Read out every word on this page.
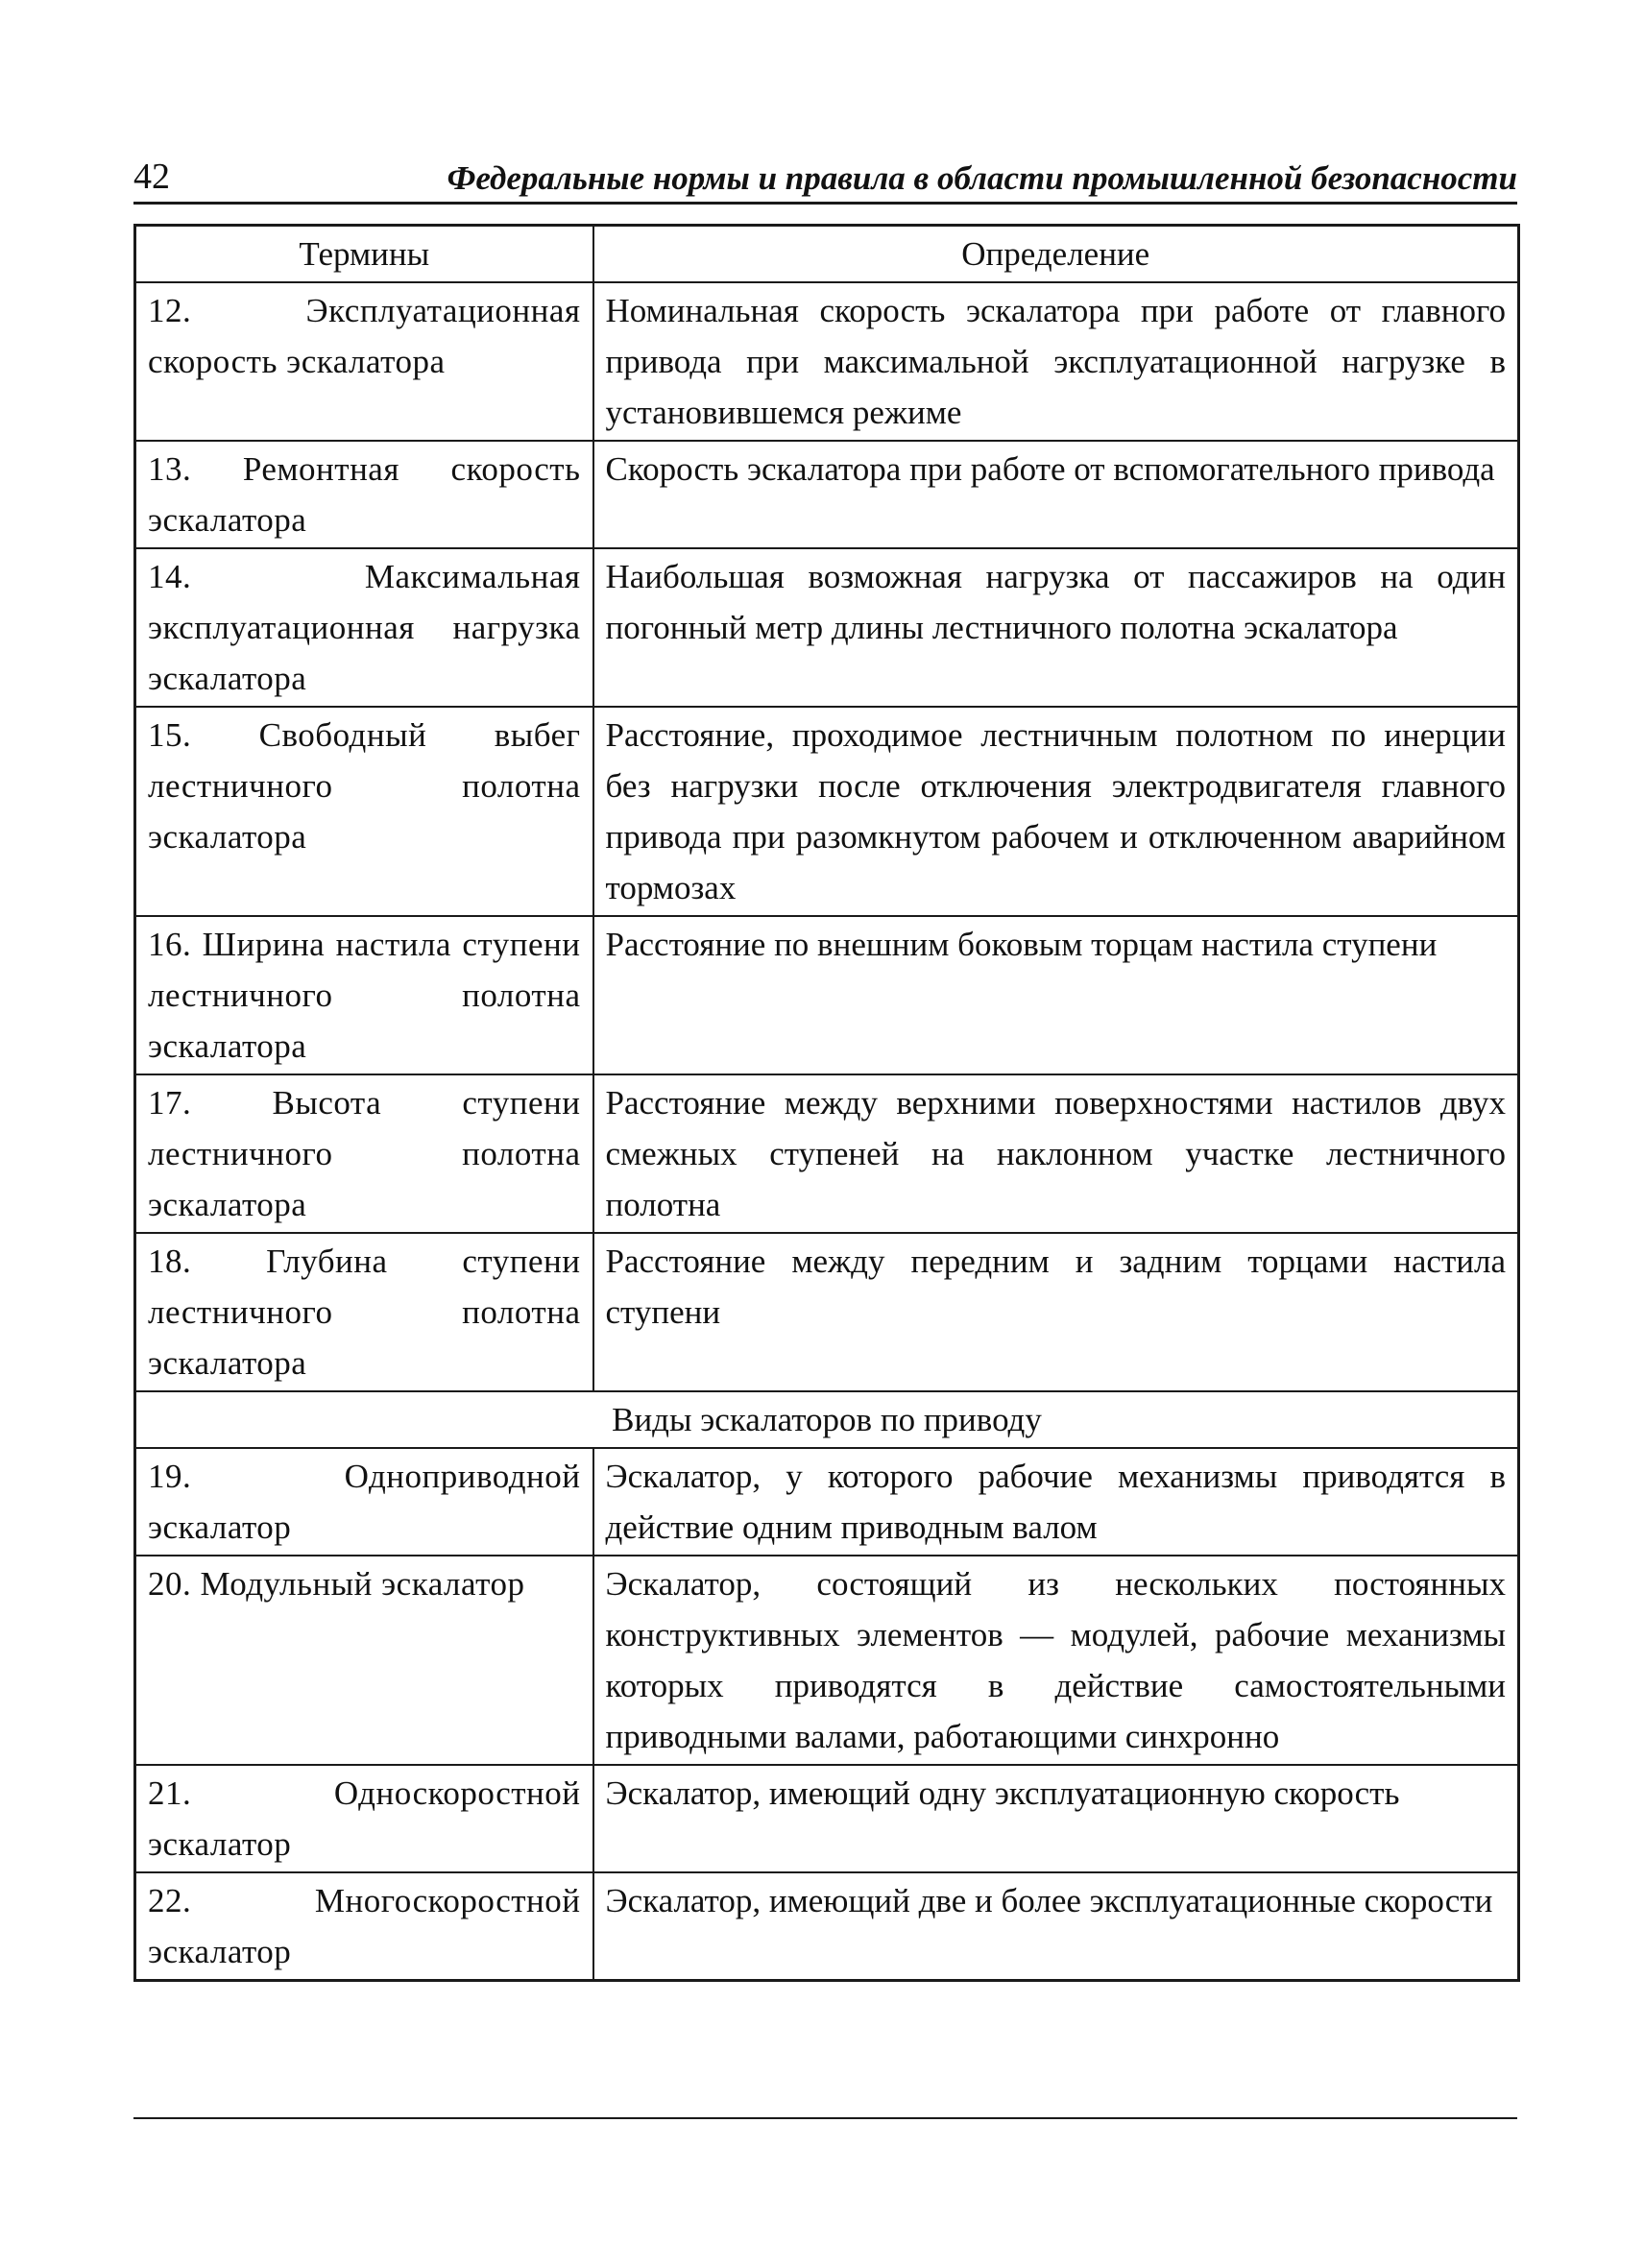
42	Федеральные нормы и правила в области промышленной безопасности
Термины	Определение
12. Эксплуатационная скорость эскалатора	Номинальная скорость эскалатора при работе от главного привода при максимальной эксплуатационной нагрузке в установившемся режиме
13. Ремонтная скорость эскалатора	Скорость эскалатора при работе от вспомогательного привода
14. Максимальная эксплуатационная нагрузка эскалатора	Наибольшая возможная нагрузка от пассажиров на один погонный метр длины лестничного полотна эскалатора
15. Свободный выбег лестничного полотна эскалатора	Расстояние, проходимое лестничным полотном по инерции без нагрузки после отключения электродвигателя главного привода при разомкнутом рабочем и отключенном аварийном тормозах
16. Ширина настила ступени лестничного полотна эскалатора	Расстояние по внешним боковым торцам настила ступени
17. Высота ступени лестничного полотна эскалатора	Расстояние между верхними поверхностями настилов двух смежных ступеней на наклонном участке лестничного полотна
18. Глубина ступени лестничного полотна эскалатора	Расстояние между передним и задним торцами настила ступени
Виды эскалаторов по приводу	
19. Одноприводной эскалатор	Эскалатор, у которого рабочие механизмы приводятся в действие одним приводным валом
20. Модульный эскалатор	Эскалатор, состоящий из нескольких постоянных конструктивных элементов — модулей, рабочие механизмы которых приводятся в действие самостоятельными приводными валами, работающими синхронно
21. Односкоростной эскалатор	Эскалатор, имеющий одну эксплуатационную скорость
22. Многоскоростной эскалатор	Эскалатор, имеющий две и более эксплуатационные скорости
